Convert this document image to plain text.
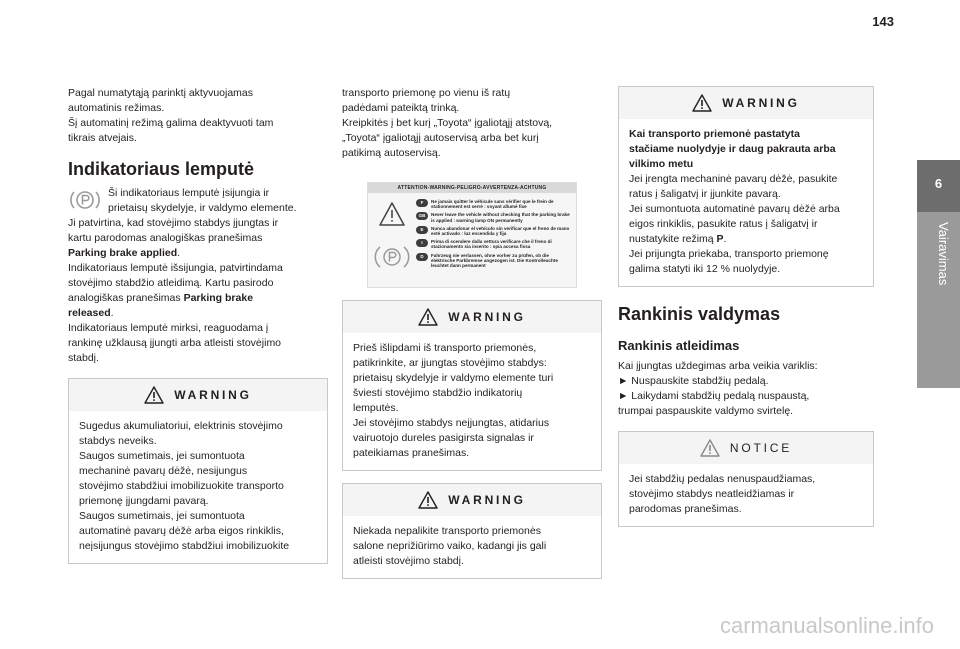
143
6
Vairavimas
Pagal numatytąją parinktį aktyvuojamas
automatinis režimas.
Šį automatinį režimą galima deaktyvuoti tam
tikrais atvejais.
Indikatoriaus lemputė
Ši indikatoriaus lemputė įsijungia ir
prietaisų skydelyje, ir valdymo elemente.
Ji patvirtina, kad stovėjimo stabdys įjungtas ir
kartu parodomas analogiškas pranešimas
Parking brake applied.
Indikatoriaus lemputė išsijungia, patvirtindama
stovėjimo stabdžio atleidimą. Kartu pasirodo
analogiškas pranešimas Parking brake
released.
Indikatoriaus lemputė mirksi, reaguodama į
rankinę užklausą įjungti arba atleisti stovėjimo
stabdį.
WARNING
Sugedus akumuliatoriui, elektrinis stovėjimo
stabdys neveiks.
Saugos sumetimais, jei sumontuota
mechaninė pavarų dėžė, nesijungus
stovėjimo stabdžiui imobilizuokite transporto
priemonę įjungdami pavarą.
Saugos sumetimais, jei sumontuota
automatinė pavarų dėžė arba eigos rinkiklis,
neįsijungus stovėjimo stabdžiui imobilizuokite
transporto priemonę po vienu iš ratų
padėdami pateiktą trinką.
Kreipkitės į bet kurį „Toyota“ įgaliotąjį atstovą,
„Toyota“ įgaliotąjį autoservisą arba bet kurį
patikimą autoservisą.
ATTENTION-WARNING-PELIGRO-AVVERTENZA-ACHTUNG
F	Ne jamais quitter le véhicule sans vérifier que le frein de stationnement est serré : voyant allumé fixe
GB	Never leave the vehicle without checking that the parking brake is applied : warning lamp ON permanently
E	Nunca abandonar el vehículo sin verificar que el freno de mano esté activado : luz encendida y fija
I	Prima di scendere dalla vettura verificare che il freno di stazionamento sia inserito : spia accesa fissa
D	Fahrzeug nie verlassen, ohne vorher zu prüfen, ob die elektrische Parkbremse angezogen ist. Die Kontrolleuchte leuchtet dann permanent
WARNING
Prieš išlipdami iš transporto priemonės,
patikrinkite, ar įjungtas stovėjimo stabdys:
prietaisų skydelyje ir valdymo elemente turi
šviesti stovėjimo stabdžio indikatorių
lemputės.
Jei stovėjimo stabdys neįjungtas, atidarius
vairuotojo dureles pasigirsta signalas ir
pateikiamas pranešimas.
WARNING
Niekada nepalikite transporto priemonės
salone neprižiūrimo vaiko, kadangi jis gali
atleisti stovėjimo stabdį.
WARNING
Kai transporto priemonė pastatyta
stačiame nuolydyje ir daug pakrauta arba
vilkimo metu
Jei įrengta mechaninė pavarų dėžė, pasukite
ratus į šaligatvį ir įjunkite pavarą.
Jei sumontuota automatinė pavarų dėžė arba
eigos rinkiklis, pasukite ratus į šaligatvį ir
nustatykite režimą P.
Jei prijungta priekaba, transporto priemonę
galima statyti iki 12 % nuolydyje.
Rankinis valdymas
Rankinis atleidimas
Kai įjungtas uždegimas arba veikia variklis:
► Nuspauskite stabdžių pedalą.
► Laikydami stabdžių pedalą nuspaustą,
trumpai paspauskite valdymo svirtelę.
NOTICE
Jei stabdžių pedalas nenuspaudžiamas,
stovėjimo stabdys neatleidžiamas ir
parodomas pranešimas.
carmanualsonline.info
